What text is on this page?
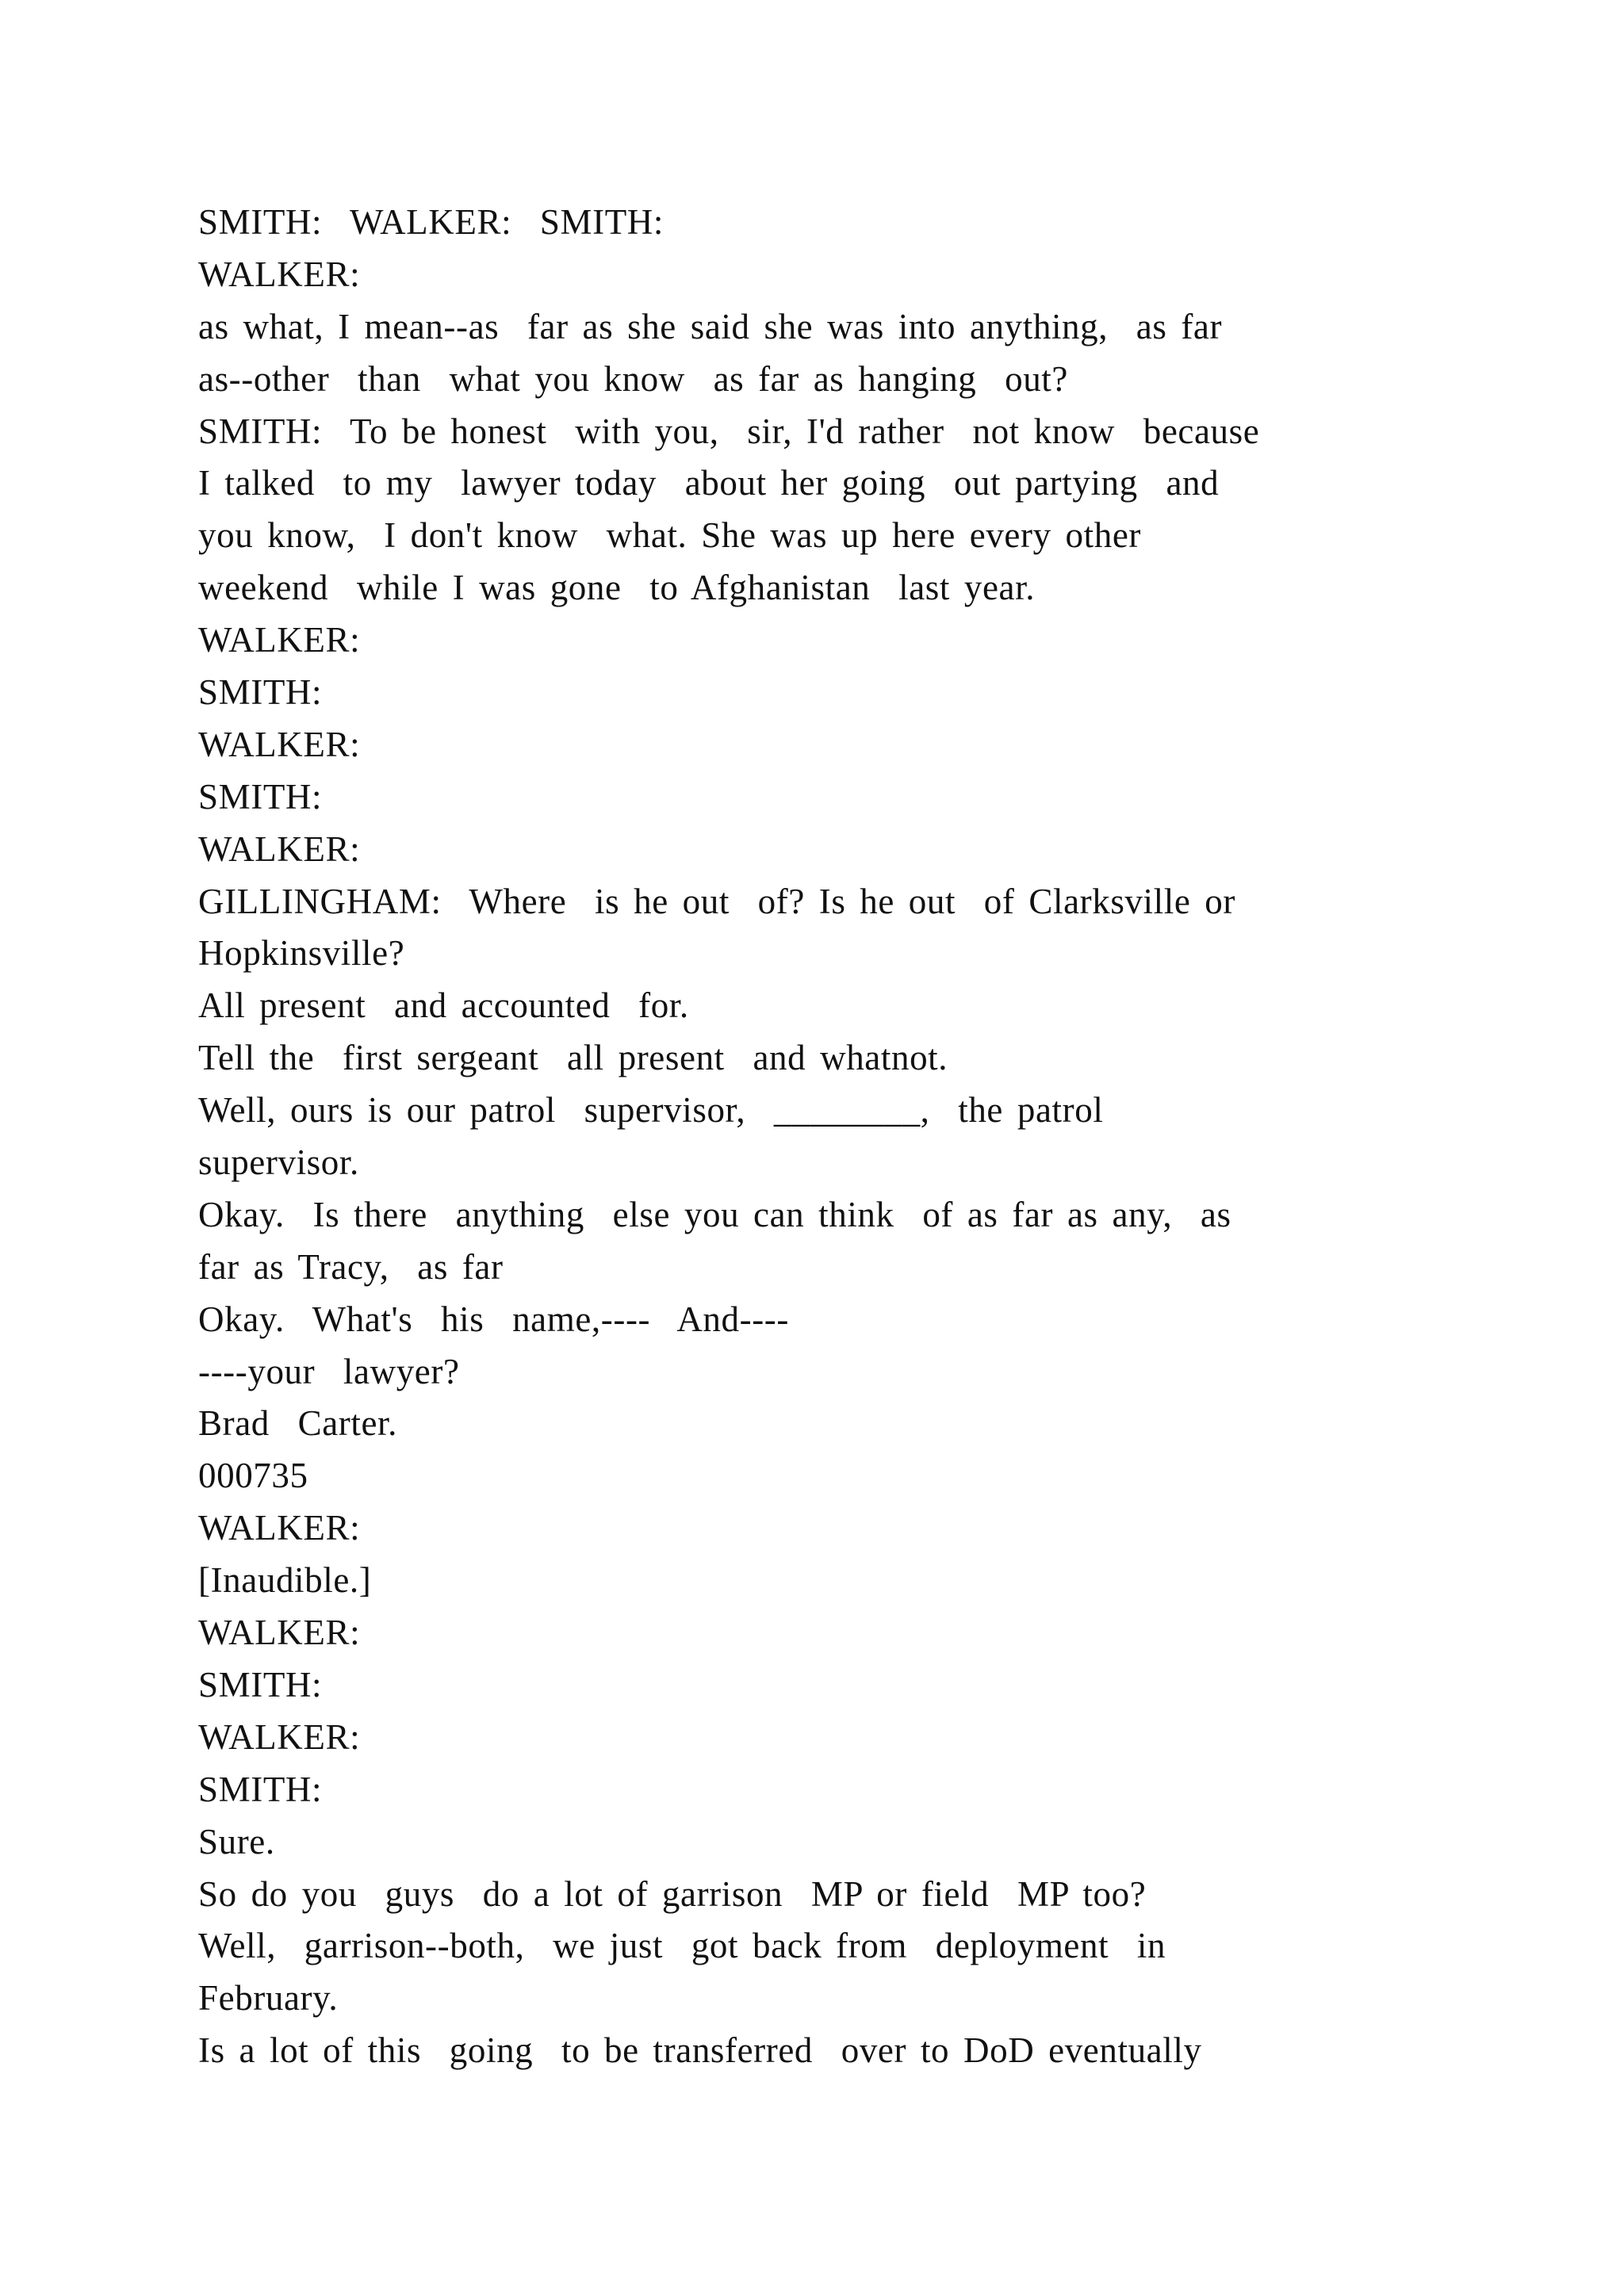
SMITH:  WALKER:  SMITH:
WALKER:
as what, I mean--as  far as she said she was into anything,  as far
as--other  than  what you know  as far as hanging  out?
SMITH:  To be honest  with you,  sir, I'd rather  not know  because
I talked  to my  lawyer today  about her going  out partying  and
you know,  I don't know  what. She was up here every other
weekend  while I was gone  to Afghanistan  last year.
WALKER:
SMITH:
WALKER:
SMITH:
WALKER:
GILLINGHAM:  Where  is he out  of? Is he out  of Clarksville or
Hopkinsville?
All present  and accounted  for.
Tell the  first sergeant  all present  and whatnot.
Well, ours is our patrol  supervisor,  ________,  the patrol
supervisor.
Okay.  Is there  anything  else you can think  of as far as any,  as
far as Tracy,  as far
Okay.  What's  his  name,----  And----
----your  lawyer?
Brad  Carter.
000735
WALKER:
[Inaudible.]
WALKER:
SMITH:
WALKER:
SMITH:
Sure.
So do you  guys  do a lot of garrison  MP or field  MP too?
Well,  garrison--both,  we just  got back from  deployment  in
February.
Is a lot of this  going  to be transferred  over to DoD eventually
